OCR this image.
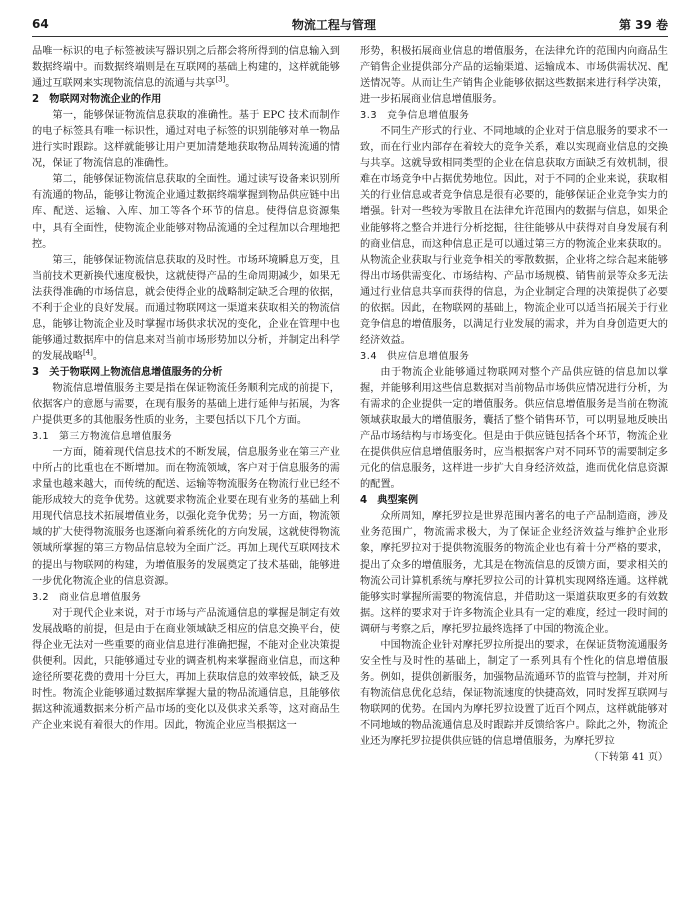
64	物流工程与管理	第 39 卷

品唯一标识的电子标签被读写器识别之后都会将所得到的信息输入到数据终端中。而数据终端则是在互联网的基础上构建的，这样就能够通过互联网来实现物流信息的流通与共享[3]。

2　物联网对物流企业的作用

第一，能够保证物流信息获取的准确性。基于 EPC 技术而制作的电子标签具有唯一标识性，通过对电子标签的识别能够对单一物品进行实时跟踪。这样就能够让用户更加清楚地获取物品周转流通的情况，保证了物流信息的准确性。

第二，能够保证物流信息获取的全面性。通过读写设备来识别所有流通的物品，能够让物流企业通过数据终端掌握到物品供应链中出库、配送、运输、入库、加工等各个环节的信息。使得信息资源集中，具有全面性，使物流企业能够对物品流通的全过程加以合理地把控。

第三，能够保证物流信息获取的及时性。市场环境瞬息万变，且当前技术更新换代速度极快，这就使得产品的生命周期减少，如果无法获得准确的市场信息，就会使得企业的战略制定缺乏合理的依据，不利于企业的良好发展。而通过物联网这一渠道来获取相关的物流信息，能够让物流企业及时掌握市场供求状况的变化，企业在管理中也能够通过数据库中的信息来对当前市场形势加以分析，并制定出科学的发展战略[4]。

3　关于物联网上物流信息增值服务的分析

物流信息增值服务主要是指在保证物流任务顺利完成的前提下，依据客户的意愿与需要，在现有服务的基础上进行延伸与拓展，为客户提供更多的其他服务性质的业务，主要包括以下几个方面。

3.1 第三方物流信息增值服务

一方面，随着现代信息技术的不断发展，信息服务业在第三产业中所占的比重也在不断增加。而在物流领域，客户对于信息服务的需求量也越来越大，而传统的配送、运输等物流服务在物流行业已经不能形成较大的竞争优势。这就要求物流企业要在现有业务的基础上利用现代信息技术拓展增值业务，以强化竞争优势；另一方面，物流领域的扩大使得物流服务也逐渐向着系统化的方向发展，这就使得物流领域所掌握的第三方物品信息较为全面广泛。再加上现代互联网技术的提出与物联网的构建，为增值服务的发展奠定了技术基础，能够进一步优化物流企业的信息资源。

3.2 商业信息增值服务

对于现代企业来说，对于市场与产品流通信息的掌握是制定有效发展战略的前提，但是由于在商业领域缺乏相应的信息交换平台，使得企业无法对一些重要的商业信息进行准确把握，不能对企业决策提供便利。因此，只能够通过专业的调查机构来掌握商业信息，而这种途径所要花费的费用十分巨大，再加上获取信息的效率较低，缺乏及时性。物流企业能够通过数据库掌握大量的物品流通信息，且能够依据这种流通数据来分析产品市场的变化以及供求关系等，这对商品生产企业来说有着很大的作用。因此，物流企业应当根据这一

形势，积极拓展商业信息的增值服务，在法律允许的范围内向商品生产销售企业提供部分产品的运输渠道、运输成本、市场供需状况、配送情况等。从而让生产销售企业能够依据这些数据来进行科学决策，进一步拓展商业信息增值服务。

3.3 竞争信息增值服务

不同生产形式的行业、不同地域的企业对于信息服务的要求不一致，而在行业内部存在着较大的竞争关系，难以实现商业信息的交换与共享。这就导致相同类型的企业在信息获取方面缺乏有效机制，很难在市场竞争中占据优势地位。因此，对于不同的企业来说，获取相关的行业信息或者竞争信息是很有必要的，能够保证企业竞争实力的增强。针对一些较为零散且在法律允许范围内的数据与信息，如果企业能够将之整合并进行分析挖掘，往往能够从中获得对自身发展有利的商业信息，而这种信息正是可以通过第三方的物流企业来获取的。从物流企业获取与行业竞争相关的零散数据，企业将之综合起来能够得出市场供需变化、市场结构、产品市场规模、销售前景等众多无法通过行业信息共享而获得的信息，为企业制定合理的决策提供了必要的依据。因此，在物联网的基础上，物流企业可以适当拓展关于行业竞争信息的增值服务，以满足行业发展的需求，并为自身创造更大的经济效益。

3.4 供应信息增值服务

由于物流企业能够通过物联网对整个产品供应链的信息加以掌握，并能够利用这些信息数据对当前物品市场供应情况进行分析，为有需求的企业提供一定的增值服务。供应信息增值服务是当前在物流领域获取最大的增值服务，囊括了整个销售环节，可以明显地反映出产品市场结构与市场变化。但是由于供应链包括各个环节，物流企业在提供供应信息增值服务时，应当根据客户对不同环节的需要制定多元化的信息服务，这样进一步扩大自身经济效益，進而优化信息资源的配置。

4　典型案例

众所周知，摩托罗拉是世界范围内著名的电子产品制造商，涉及业务范围广，物流需求极大，为了保证企业经济效益与维护企业形象，摩托罗拉对于提供物流服务的物流企业也有着十分严格的要求，提出了众多的增值服务，尤其是在物流信息的反馈方面，要求相关的物流公司计算机系统与摩托罗拉公司的计算机实现网络连通。这样就能够实时掌握所需要的物流信息，并借助这一渠道获取更多的有效数据。这样的要求对于许多物流企业具有一定的难度，经过一段时间的调研与考察之后，摩托罗拉最终选择了中国的物流企业。

中国物流企业针对摩托罗拉所提出的要求，在保证货物流通服务安全性与及时性的基础上，制定了一系列具有个性化的信息增值服务。例如，提供创新服务，加强物品流通环节的监管与控制，并对所有物流信息优化总结，保证物流速度的快捷高效，同时发挥互联网与物联网的优势。在国内为摩托罗拉设置了近百个网点，这样就能够对不同地域的物品流通信息及时跟踪并反馈给客户。除此之外，物流企业还为摩托罗拉提供供应链的信息增值服务，为摩托罗拉
（下转第 41 页）
